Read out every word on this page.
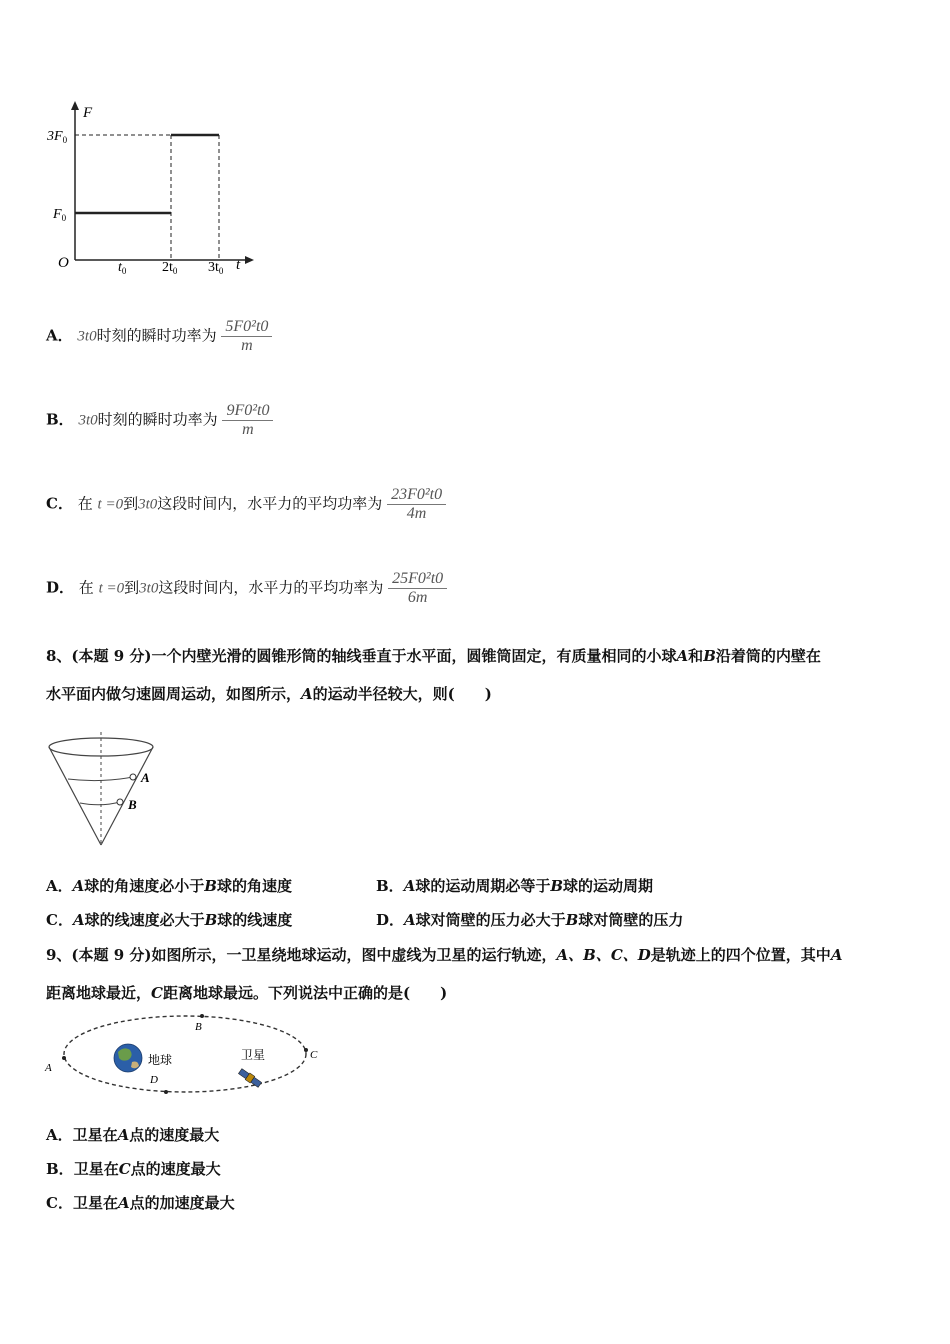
F
$3F_0$
$F_0$
O	$t_0$	$2t_0$ $3t_0$ t
A． 3t0时刻的瞬时功率为 $\frac{\text{5F0²t0}}{m}$
B． 3t0时刻的瞬时功率为 $\frac{\text{9F0²t0}}{m}$
C． 在 t =0到3t0这段时间内，水平力的平均功率为 $\frac{\text{23F0²t0}}{4m}$
D． 在 t =0到3t0这段时间内，水平力的平均功率为 $\frac{\text{25F0²t0}}{6m}$
8、(本题 9 分)一个内壁光滑的圆锥形筒的轴线垂直于水平面，圆锥筒固定，有质量相同的小球A和B沿着筒的内壁在
水平面内做匀速圆周运动，如图所示，A的运动半径较大，则(　　)
A
B
A．A球的角速度必小于B球的角速度	B．A球的运动周期必等于B球的运动周期
C．A球的线速度必大于B球的线速度	D．A球对筒壁的压力必大于B球对筒壁的压力
9、(本题 9 分)如图所示，一卫星绕地球运动，图中虚线为卫星的运行轨迹，A、B、C、D是轨迹上的四个位置，其中A
距离地球最近，C距离地球最远。下列说法中正确的是(　　)
A
B
C
D
地球	卫星
A．卫星在A点的速度最大
B．卫星在C点的速度最大
C．卫星在A点的加速度最大
